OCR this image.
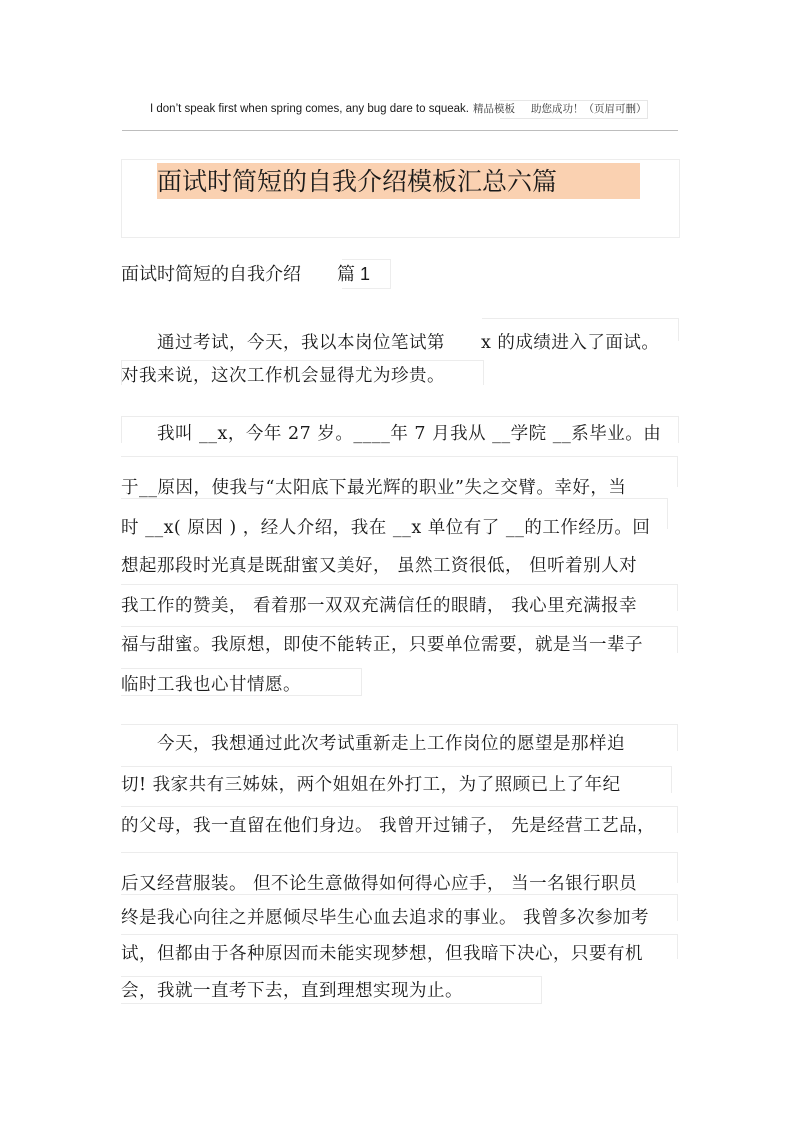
I don’t speak first when spring comes, any bug dare to squeak. 精品模板 助您成功！（页眉可删）
面试时简短的自我介绍模板汇总六篇
面试时简短的自我介绍　　篇 1
　　通过考试，今天，我以本岗位笔试第　　x 的成绩进入了面试。
对我来说，这次工作机会显得尤为珍贵。
　　我叫 __x，今年 27 岁。____年 7 月我从 __学院 __系毕业。由
于__原因，使我与“太阳底下最光辉的职业”失之交臂。幸好，当
时 __x( 原因 ) ，经人介绍，我在 __x 单位有了 __的工作经历。回
想起那段时光真是既甜蜜又美好， 虽然工资很低， 但听着别人对
我工作的赞美， 看着那一双双充满信任的眼睛， 我心里充满报幸
福与甜蜜。我原想，即使不能转正，只要单位需要，就是当一辈子
临时工我也心甘情愿。
　　今天，我想通过此次考试重新走上工作岗位的愿望是那样迫
切! 我家共有三姊妹，两个姐姐在外打工，为了照顾已上了年纪
的父母，我一直留在他们身边。 我曾开过铺子， 先是经营工艺品，
后又经营服装。 但不论生意做得如何得心应手， 当一名银行职员
终是我心向往之并愿倾尽毕生心血去追求的事业。 我曾多次参加考
试，但都由于各种原因而未能实现梦想，但我暗下决心，只要有机
会，我就一直考下去，直到理想实现为止。
